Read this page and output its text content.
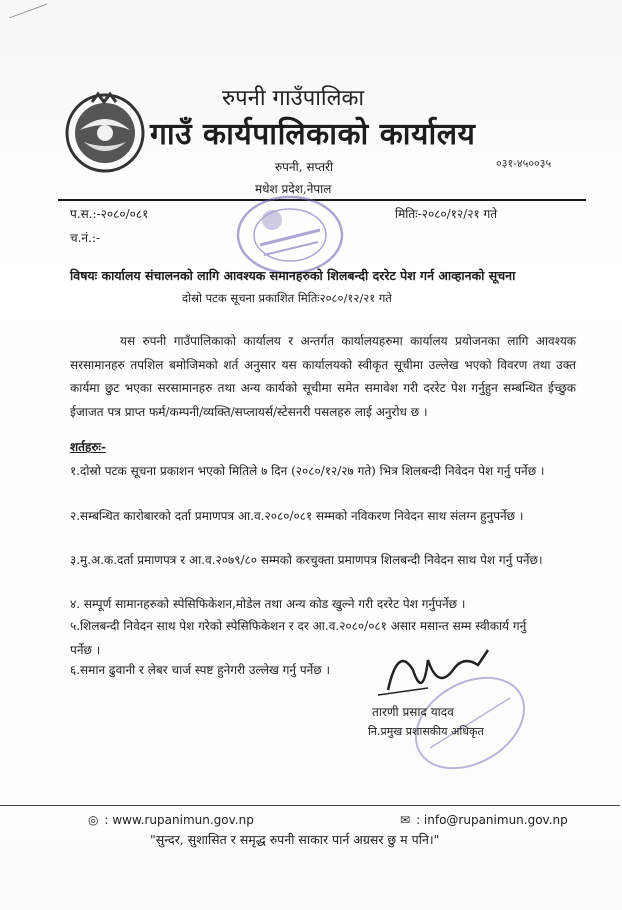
रुपनी गाउँपालिका
गाउँ कार्यपालिकाको कार्यालय
रुपनी, सप्तरी
मधेश प्रदेश,नेपाल
०३१-४५००३५
प.स.:-२०८०/०८१
च.नं.:-
मितिः-२०८०/१२/२१ गते
विषयः कार्यालय संचालनको लागि आवश्यक समानहरुको शिलबन्दी दररेट पेश गर्न आव्हानको सूचना
दोस्रो पटक सूचना प्रकाशित मितिः२०८०/१२/२१ गते
यस रुपनी गाउँपालिकाको कार्यालय र अन्तर्गत कार्यालयहरुमा कार्यालय प्रयोजनका लागि आवश्यक सरसामानहरु तपशिल बमोजिमको शर्त अनुसार यस कार्यालयको स्वीकृत सूचीमा उल्लेख भएको विवरण तथा उक्त कार्यमा छुट भएका सरसामानहरु तथा अन्य कार्यको सूचीमा समेत समावेश गरी दररेट पेश गर्नुहुन सम्बन्धित ईच्छुक ईजाजत पत्र प्राप्त फर्म/कम्पनी/व्यक्ति/सप्लायर्स/स्टेसनरी पसलहरु लाई अनुरोध छ ।
शर्तहरुः-
१.दोस्रो पटक सूचना प्रकाशन भएको मितिले ७ दिन (२०८०/१२/२७ गते) भित्र शिलबन्दी निवेदन पेश गर्नु पर्नेछ ।
२.सम्बन्धित कारोबारको दर्ता प्रमाणपत्र आ.व.२०८०/०८१ सम्मको नविकरण निवेदन साथ संलग्न हुनुपर्नेछ ।
३.मु.अ.क.दर्ता प्रमाणपत्र र आ.व.२०७९/८० सम्मको करचुक्ता प्रमाणपत्र शिलबन्दी निवेदन साथ पेश गर्नु पर्नेछ।
४. सम्पूर्ण सामानहरुको स्पेसिफिकेशन,मोडेल तथा अन्य कोड खुल्ने गरी दररेट पेश गर्नुपर्नेछ ।
५.शिलबन्दी निवेदन साथ पेश गरेको स्पेसिफिकेशन र दर आ.व.२०८०/०८१ असार मसान्त सम्म स्वीकार्य गर्नु पर्नेछ ।
६.समान ढुवानी र लेबर चार्ज स्पष्ट हुनेगरी उल्लेख गर्नु पर्नेछ ।
तारणी प्रसाद यादव
नि.प्रमुख प्रशासकीय अधिकृत
◎ : www.rupanimun.gov.np	✉ : info@rupanimun.gov.np
"सुन्दर, सुशासित र समृद्ध रुपनी साकार पार्न अग्रसर छु म पनि।"
